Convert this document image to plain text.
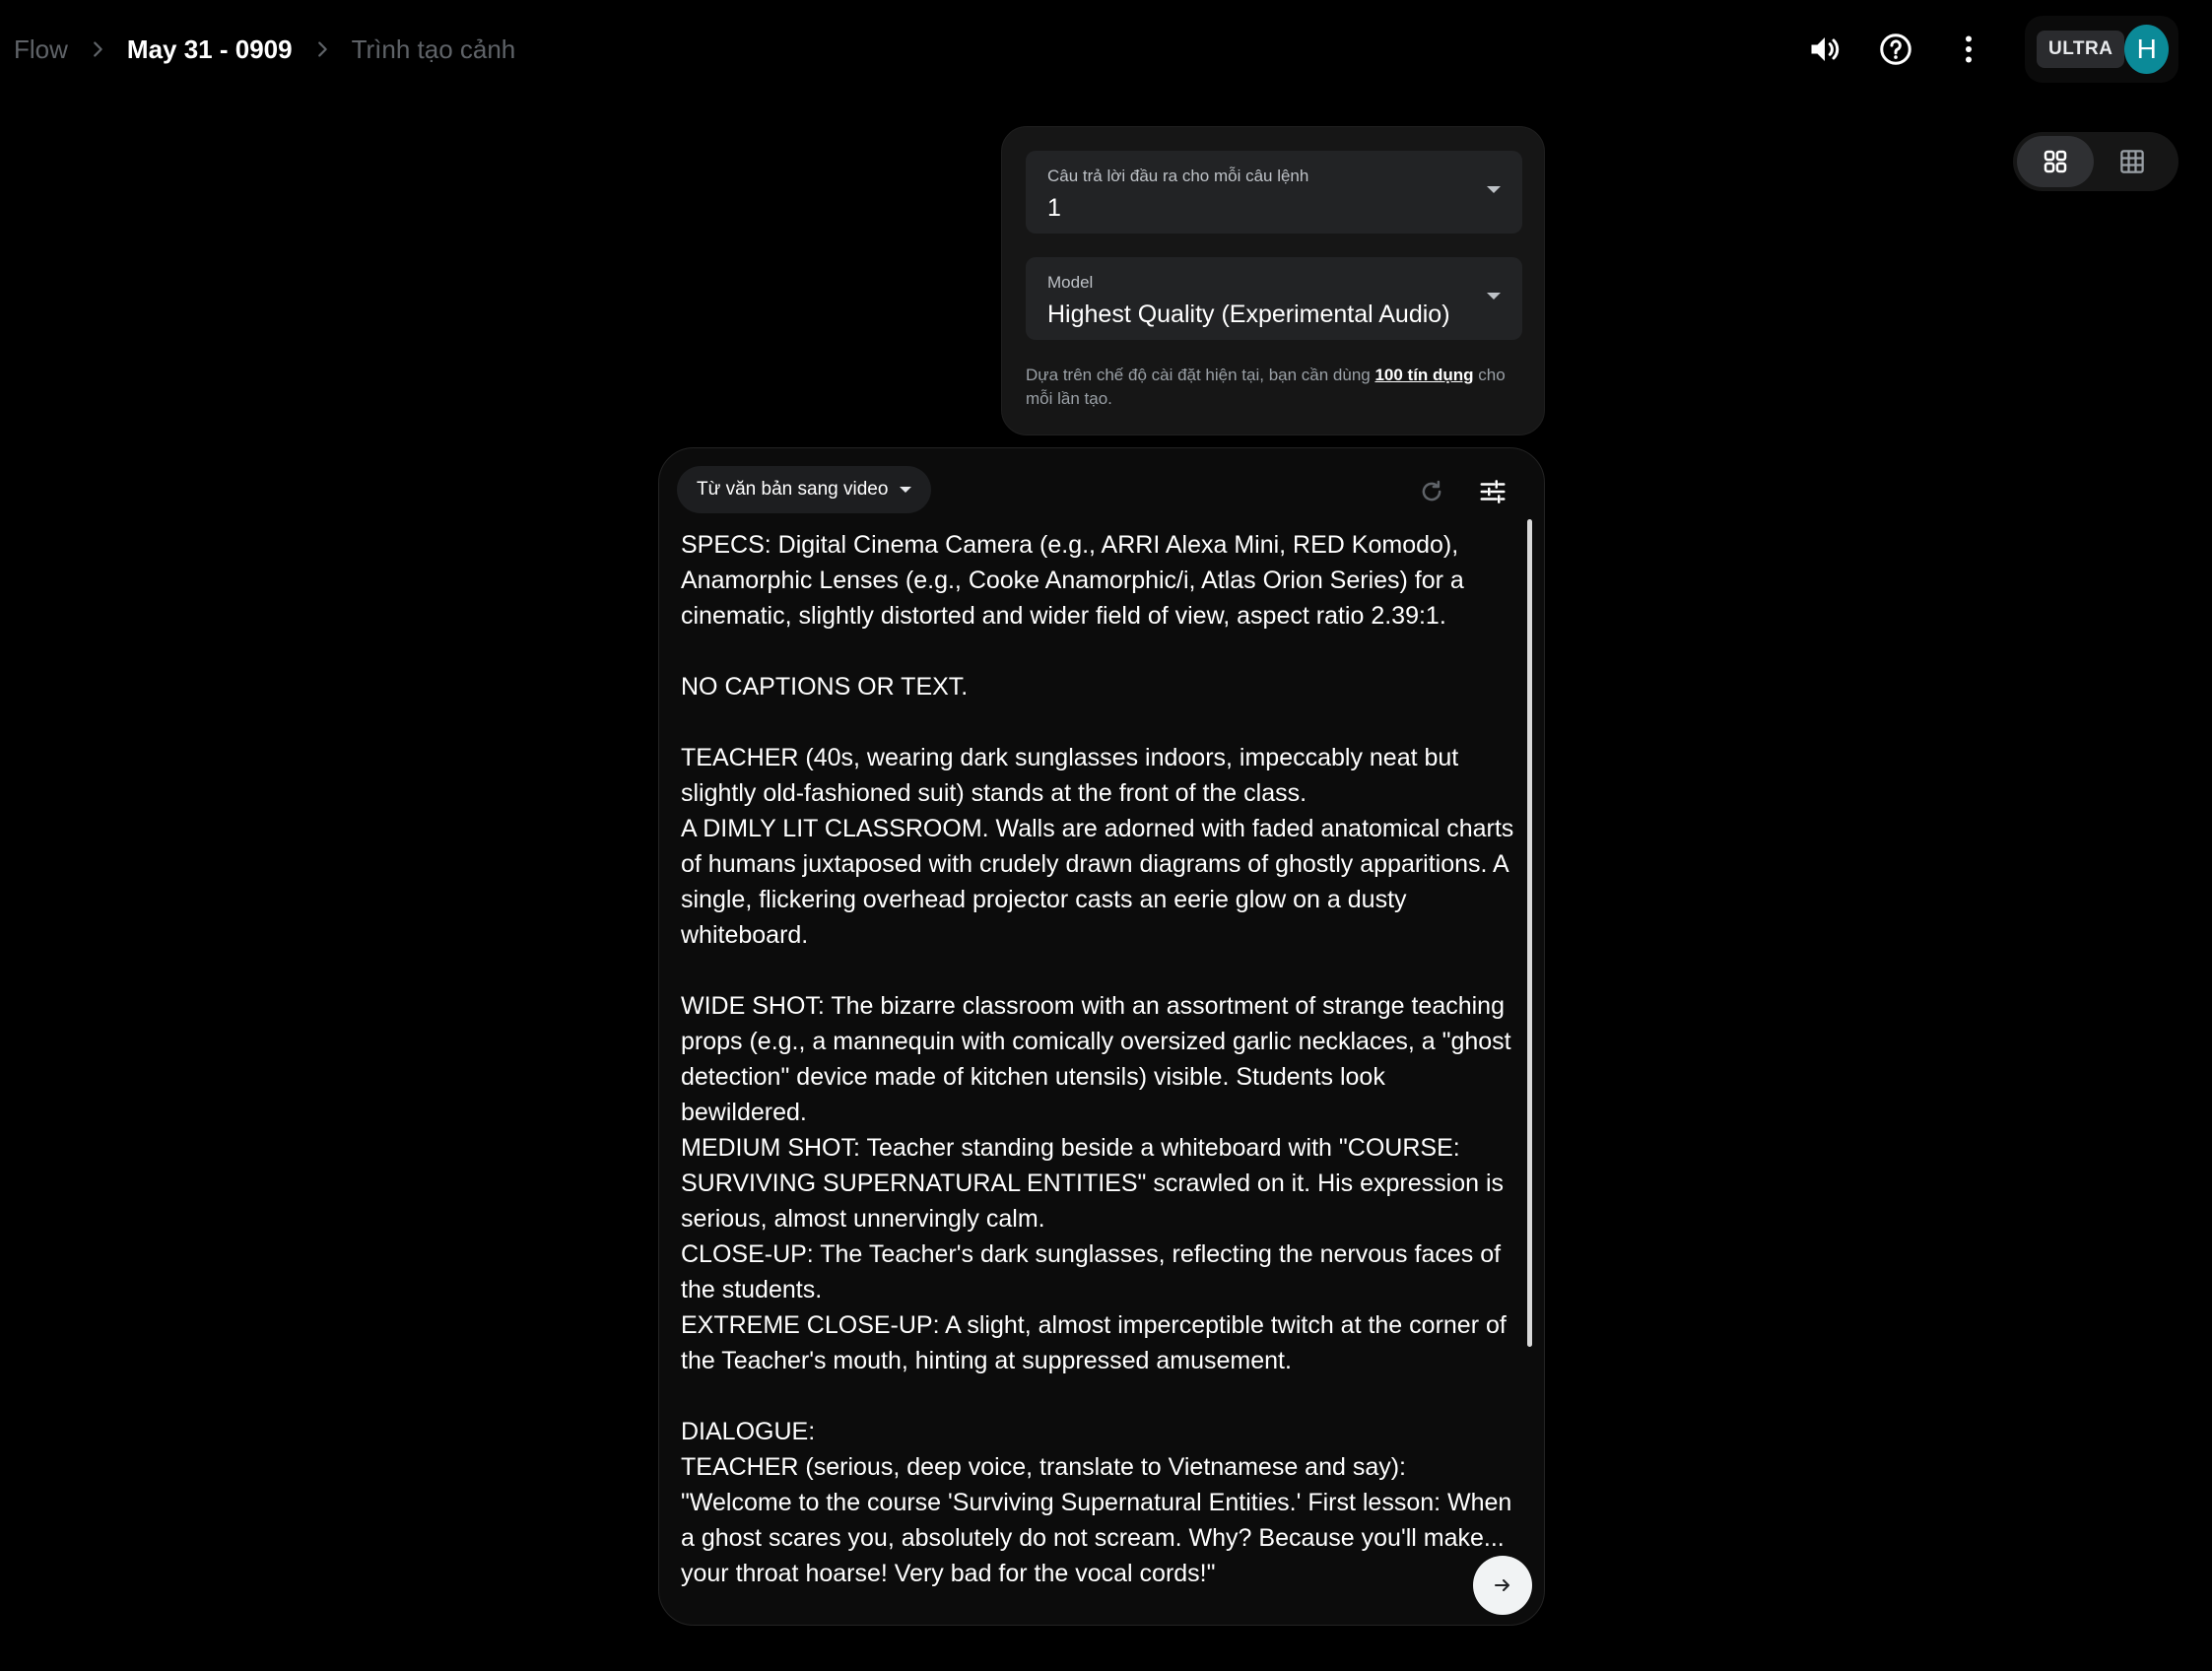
Flow May 31 - 0909 Trình tạo cảnh	ULTRA H
Câu trả lời đầu ra cho mỗi câu lệnh
1
Model
Highest Quality (Experimental Audio)
Dựa trên chế độ cài đặt hiện tại, bạn cần dùng 100 tín dụng cho mỗi lần tạo.
Từ văn bản sang video
SPECS: Digital Cinema Camera (e.g., ARRI Alexa Mini, RED Komodo), Anamorphic Lenses (e.g., Cooke Anamorphic/i, Atlas Orion Series) for a cinematic, slightly distorted and wider field of view, aspect ratio 2.39:1.

NO CAPTIONS OR TEXT.

TEACHER (40s, wearing dark sunglasses indoors, impeccably neat but slightly old-fashioned suit) stands at the front of the class.
A DIMLY LIT CLASSROOM. Walls are adorned with faded anatomical charts of humans juxtaposed with crudely drawn diagrams of ghostly apparitions. A single, flickering overhead projector casts an eerie glow on a dusty whiteboard.

WIDE SHOT: The bizarre classroom with an assortment of strange teaching props (e.g., a mannequin with comically oversized garlic necklaces, a "ghost detection" device made of kitchen utensils) visible. Students look bewildered.
MEDIUM SHOT: Teacher standing beside a whiteboard with "COURSE: SURVIVING SUPERNATURAL ENTITIES" scrawled on it. His expression is serious, almost unnervingly calm.
CLOSE-UP: The Teacher's dark sunglasses, reflecting the nervous faces of the students.
EXTREME CLOSE-UP: A slight, almost imperceptible twitch at the corner of the Teacher's mouth, hinting at suppressed amusement.

DIALOGUE:
TEACHER (serious, deep voice, translate to Vietnamese and say): "Welcome to the course 'Surviving Supernatural Entities.' First lesson: When a ghost scares you, absolutely do not scream. Why? Because you'll make... your throat hoarse! Very bad for the vocal cords!"
